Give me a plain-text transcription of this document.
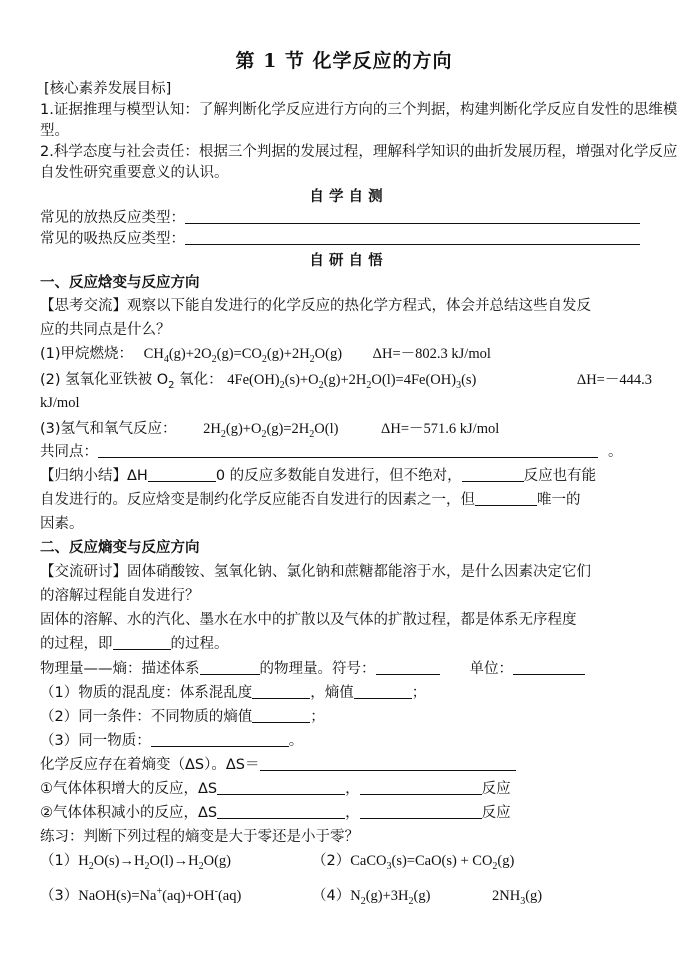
第 1 节 化学反应的方向
[核心素养发展目标]
1.证据推理与模型认知：了解判断化学反应进行方向的三个判据，构建判断化学反应自发性的思维模
型。
2.科学态度与社会责任：根据三个判据的发展过程，理解科学知识的曲折发展历程，增强对化学反应
自发性研究重要意义的认识。
自 学 自 测
常见的放热反应类型：
常见的吸热反应类型：
自 研 自 悟
一、反应焓变与反应方向
【思考交流】观察以下能自发进行的化学反应的热化学方程式，体会并总结这些自发反
应的共同点是什么？
(1)甲烷燃烧： $CH_4(g)+2O_2(g)=CO_2(g)+2H_2O(g)$ ΔH=－802.3 kJ/mol
(2) 氢氧化亚铁被 $O_2$ 氧化： $4Fe(OH)_2(s)+O_2(g)+2H_2O(l)=4Fe(OH)_3(s)$	ΔH=－444.3
kJ/mol
(3)氢气和氧气反应： $2H_2(g)+O_2(g)=2H_2O(l)$	ΔH=－571.6 kJ/mol
共同点：	。
【归纳小结】ΔH	0 的反应多数能自发进行，但不绝对，	反应也有能
自发进行的。反应焓变是制约化学反应能否自发进行的因素之一，但	唯一的
因素。
二、反应熵变与反应方向
【交流研讨】固体硝酸铵、氢氧化钠、氯化钠和蔗糖都能溶于水，是什么因素决定它们
的溶解过程能自发进行？
固体的溶解、水的汽化、墨水在水中的扩散以及气体的扩散过程，都是体系无序程度
的过程，即	的过程。
物理量——熵：描述体系	的物理量。符号：	单位：
（1）物质的混乱度：体系混乱度	，熵值	；
（2）同一条件：不同物质的熵值	；
（3）同一物质：	。
化学反应存在着熵变（ΔS）。ΔS＝
①气体体积增大的反应，ΔS	，	反应
②气体体积减小的反应，ΔS	，	反应
练习：判断下列过程的熵变是大于零还是小于零？
$(1)H_2O(s)\to H_2O(l)\to H_2O(g)$	（2）CaCO$_3$(s)=CaO(s) + $CO_2(g)$
（3）NaOH(s)=Na+(aq)+OH-(aq)	$(4)N_2(g)+3H_2(g)$	$2NH_3(g)$
